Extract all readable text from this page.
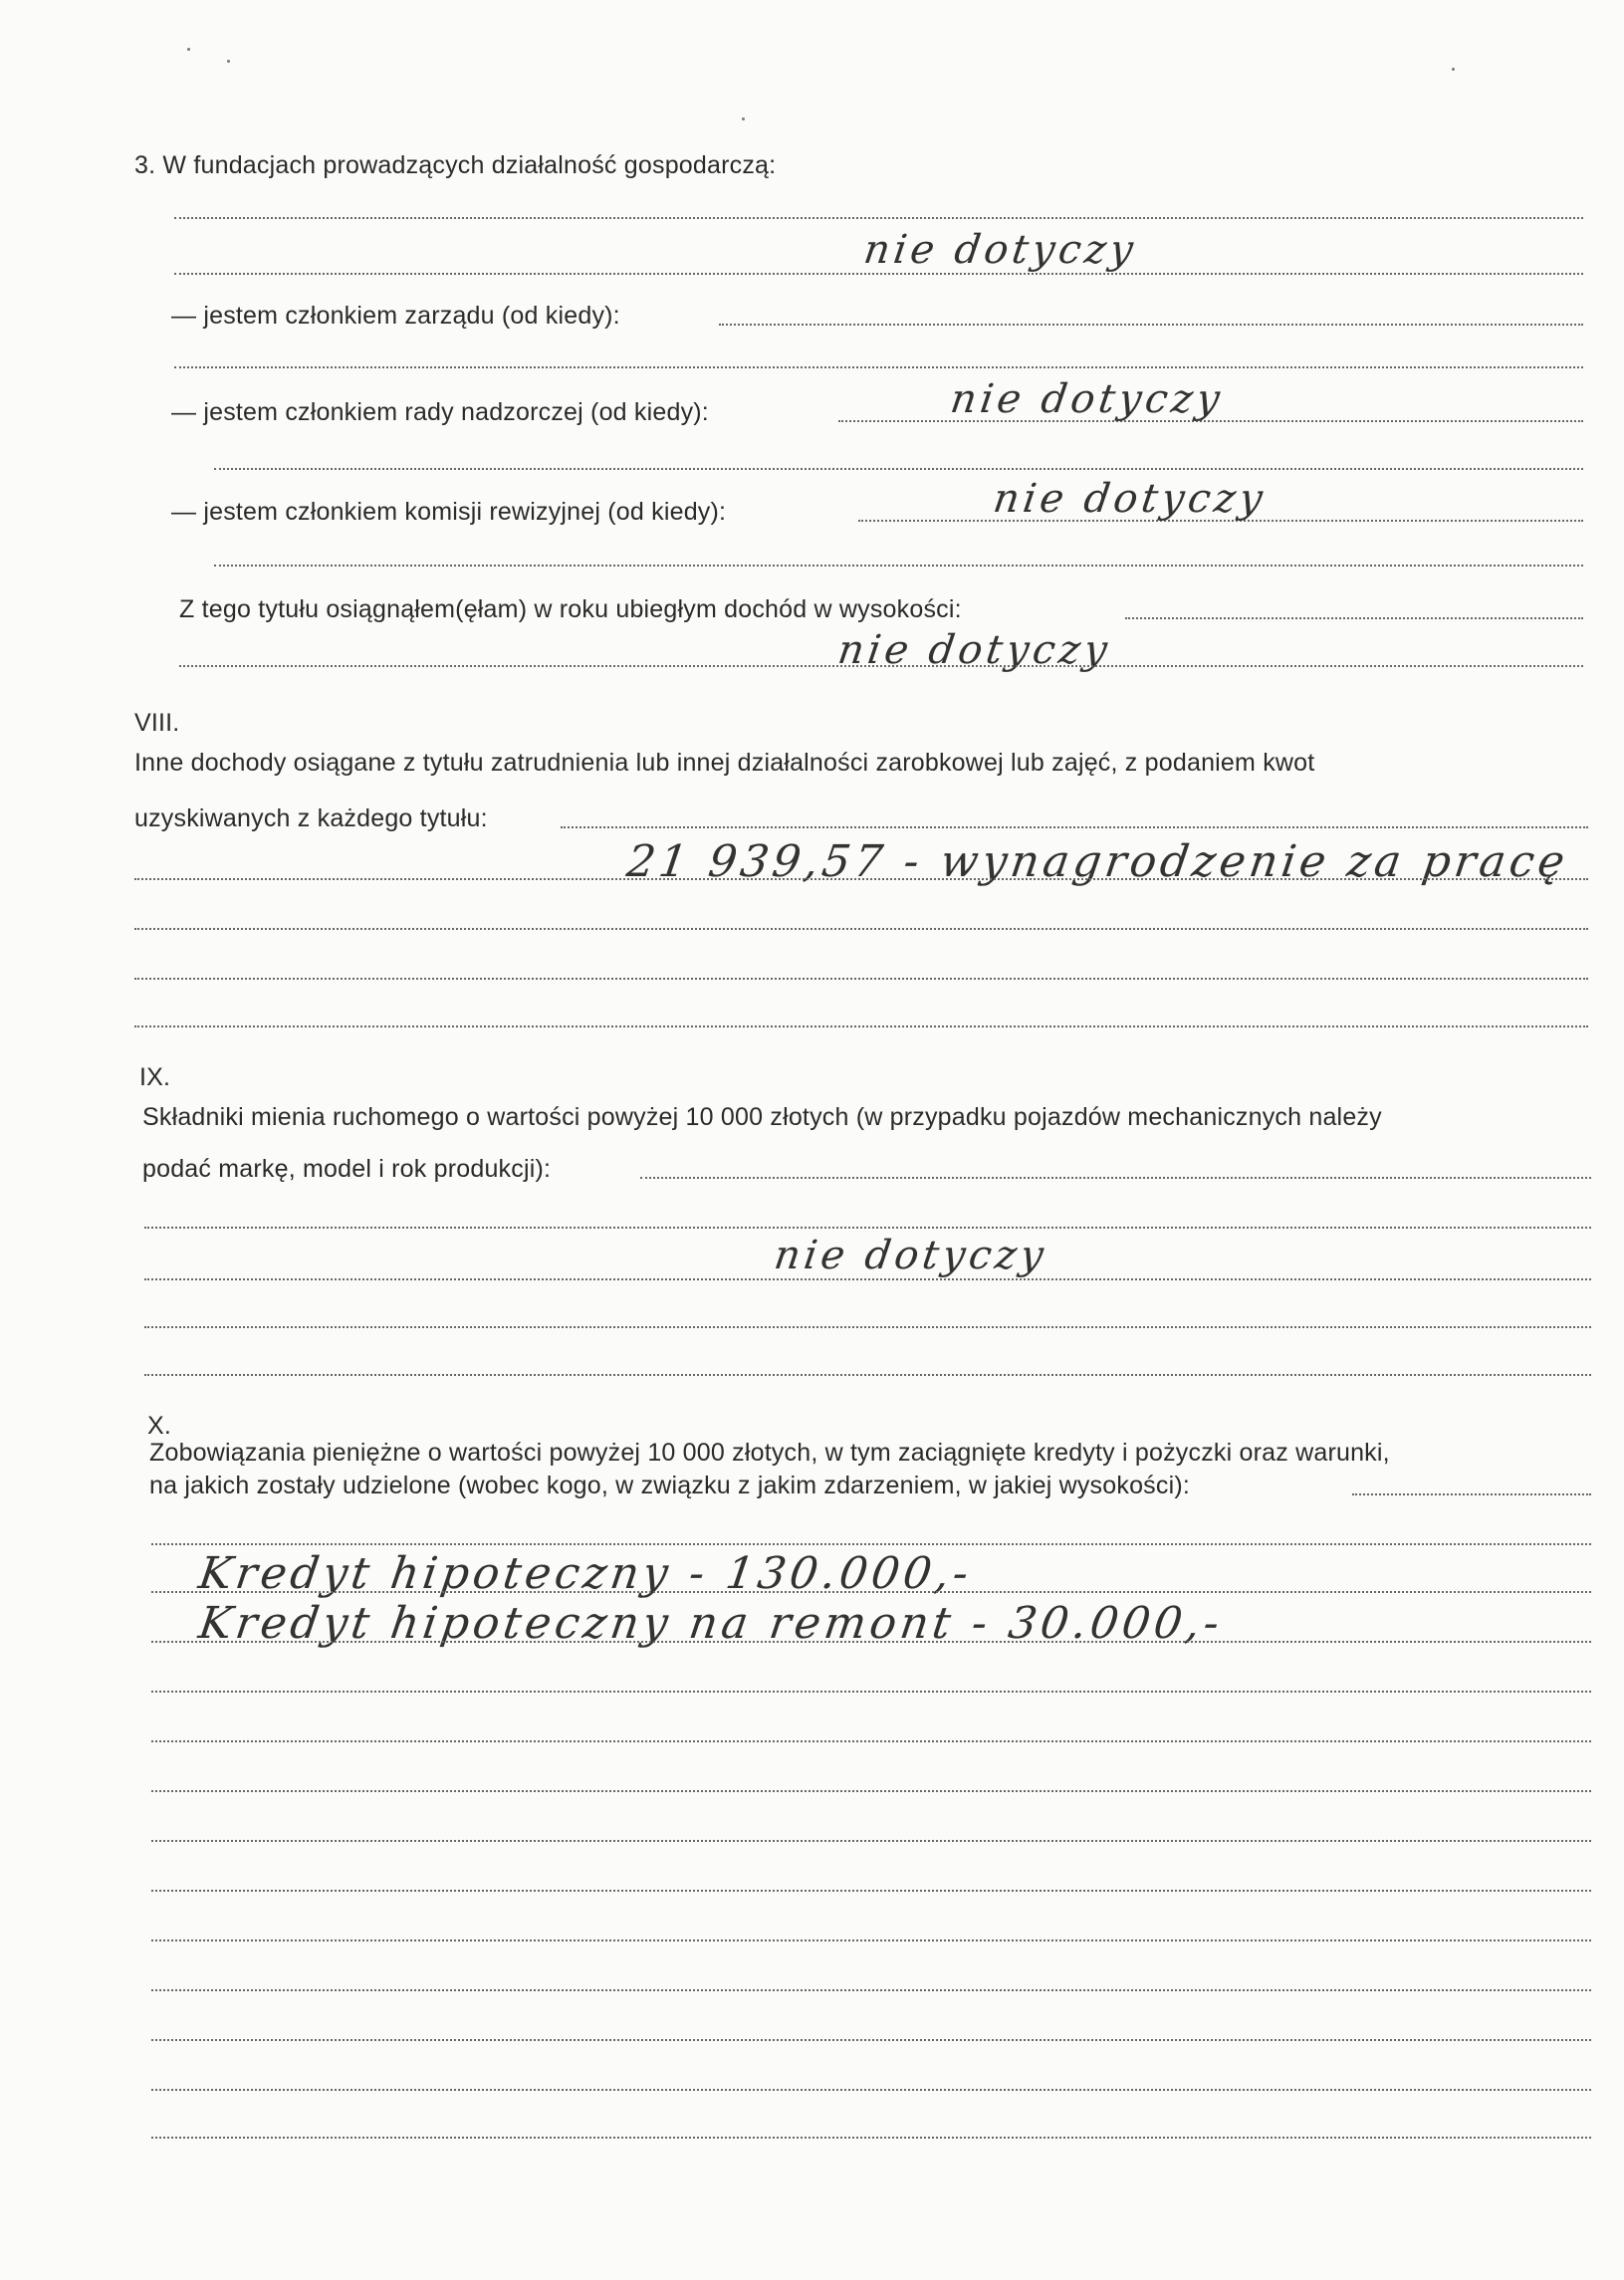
3. W fundacjach prowadzących działalność gospodarczą:
nie dotyczy
— jestem członkiem zarządu (od kiedy):
— jestem członkiem rady nadzorczej (od kiedy):	nie dotyczy
— jestem członkiem komisji rewizyjnej (od kiedy):	nie dotyczy
Z tego tytułu osiągnąłem(ęłam) w roku ubiegłym dochód w wysokości:
nie dotyczy
VIII.
Inne dochody osiągane z tytułu zatrudnienia lub innej działalności zarobkowej lub zajęć, z podaniem kwot
uzyskiwanych z każdego tytułu:
21 939,57 - wynagrodzenie za pracę
IX.
Składniki mienia ruchomego o wartości powyżej 10 000 złotych (w przypadku pojazdów mechanicznych należy
podać markę, model i rok produkcji):
nie dotyczy
X.
Zobowiązania pieniężne o wartości powyżej 10 000 złotych, w tym zaciągnięte kredyty i pożyczki oraz warunki,
na jakich zostały udzielone (wobec kogo, w związku z jakim zdarzeniem, w jakiej wysokości):
Kredyt hipoteczny - 130.000,-
Kredyt hipoteczny na remont - 30.000,-
